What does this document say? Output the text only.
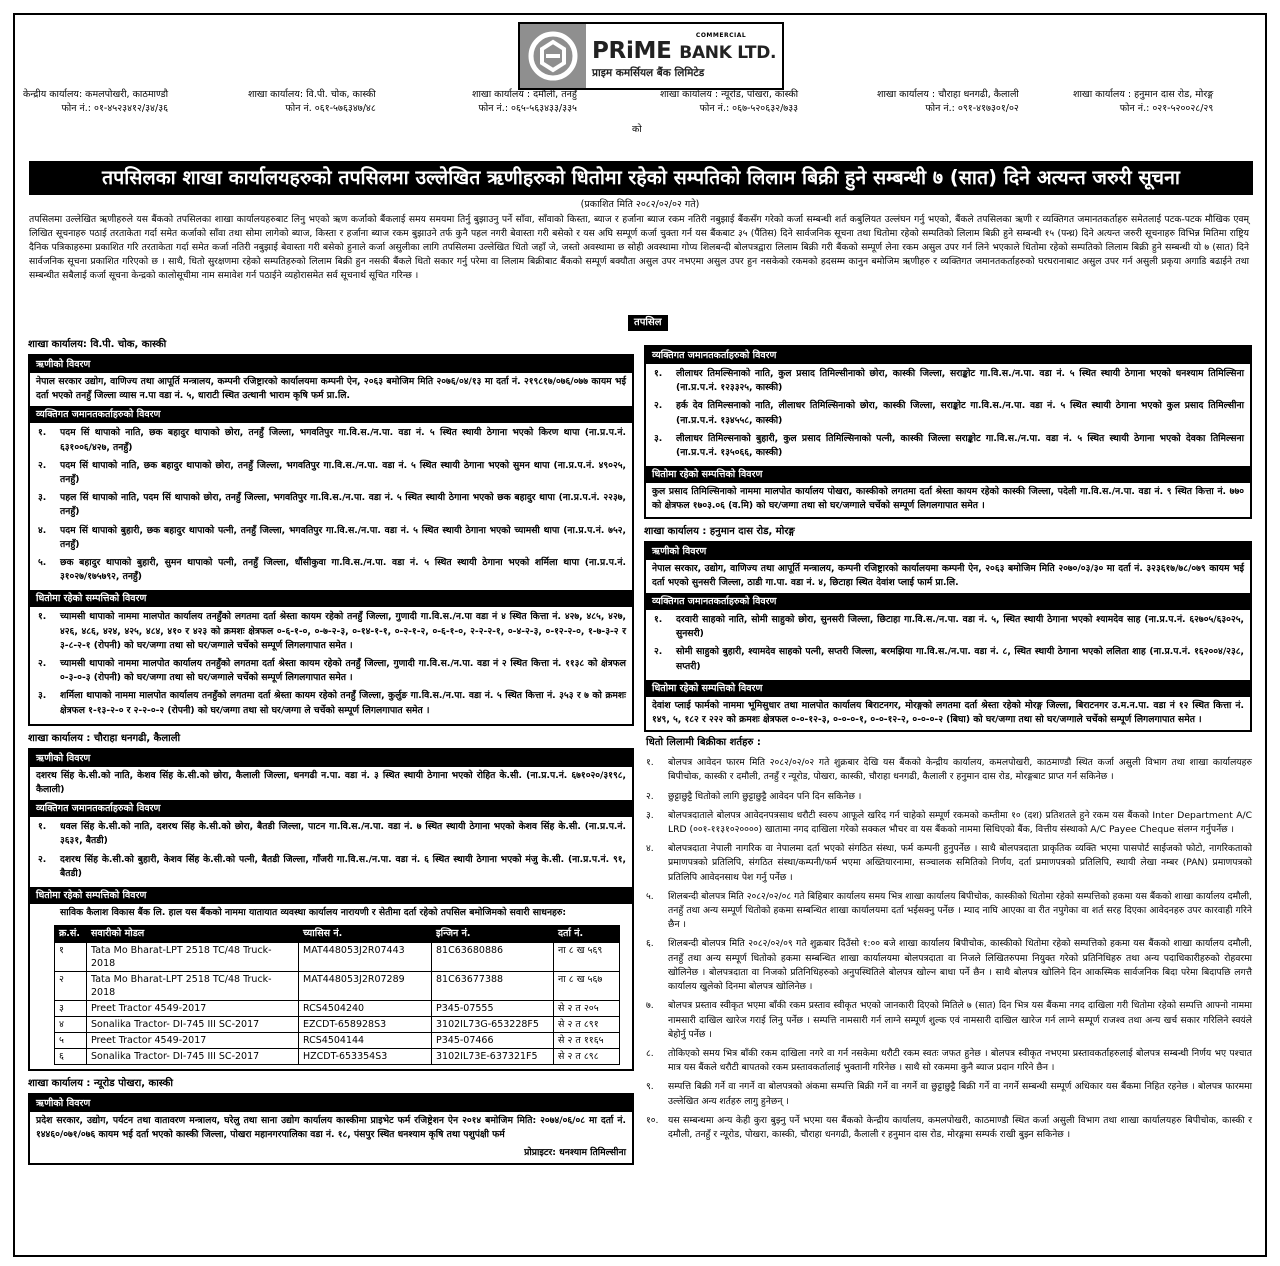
COMMERCIAL
PRiME BANK LTD.
प्राइम कमर्सियल बैंक लिमिटेड
केन्द्रीय कार्यालय: कमलपोखरी, काठमाण्डौ
फोन नं.: ०१-४५२३४१२/३४/३६
शाखा कार्यालय: वि.पी. चोक, कास्की
फोन नं. ०६१-५७६३४७/४८
शाखा कार्यालय : दमौली, तनहुँ
फोन नं.: ०६५-५६३४३३/३३५
शाखा कार्यालय : न्यूरोड, पोखरा, कास्की
फोन नं.: ०६७-५२०६३२/७३३
शाखा कार्यालय : चौराहा धनगढी, कैलाली
फोन नं.: ०९१-४१७३०१/०२
शाखा कार्यालय : हनुमान दास रोड, मोरङ्ग
फोन नं.: ०२१-५२००२८/२९
को
तपसिलका शाखा कार्यालयहरुको तपसिलमा उल्लेखित ऋणीहरुको धितोमा रहेको सम्पतिको लिलाम बिक्री हुने सम्बन्धी ७ (सात) दिने अत्यन्त जरुरी सूचना
(प्रकाशित मिति २०८२/०२/०२ गते)
तपसिलमा उल्लेखित ऋणीहरुले यस बैंकको तपसिलका शाखा कार्यालयहरुबाट लिनु भएको ऋण कर्जाको बैंकलाई समय समयमा तिर्नु बुझाउनु पर्ने साँवा, साँवाको किस्ता, ब्याज र हर्जाना ब्याज रकम नतिरी नबुझाई बैंकसँग गरेको कर्जा सम्बन्धी शर्त कबुलियत उल्लंघन गर्नु भएको, बैंकले तपसिलका ऋणी र व्यक्तिगत जमानतकर्ताहरु समेतलाई पटक-पटक मौखिक एवम् लिखित सूचनाहरु पठाई तरताकेता गर्दा समेत कर्जाको साँवा तथा सोमा लागेको ब्याज, किस्ता र हर्जाना ब्याज रकम बुझाउने तर्फ कुनै पहल नगरी बेवास्ता गरी बसेको र यस अघि सम्पूर्ण कर्जा चुक्ता गर्न यस बैंकबाट ३५ (पैंतिस) दिने सार्वजनिक सूचना तथा धितोमा रहेको सम्पतिको लिलाम बिक्री हुने सम्बन्धी १५ (पन्ध्र) दिने अत्यन्त जरुरी सूचनाहरु विभिन्न मितिमा राष्ट्रिय दैनिक पत्रिकाहरुमा प्रकाशित गरि तरताकेता गर्दा समेत कर्जा नतिरी नबुझाई बेवास्ता गरी बसेको हुनाले कर्जा असुलीका लागि तपसिलमा उल्लेखित धितो जहाँ जे, जस्तो अवस्थामा छ सोही अवस्थामा गोप्य शिलबन्दी बोलपत्रद्वारा लिलाम बिक्री गरी बैंकको सम्पूर्ण लेना रकम असुल उपर गर्न लिने भएकाले धितोमा रहेको सम्पतिको लिलाम बिक्री हुने सम्बन्धी यो ७ (सात) दिने सार्वजनिक सूचना प्रकाशित गरिएको छ । साथै, धितो सुरक्षणमा रहेको सम्पतिहरुको लिलाम बिक्री हुन नसकी बैंकले धितो सकार गर्नु परेमा वा लिलाम बिक्रीबाट बैंकको सम्पूर्ण बक्यौता असुल उपर नभएमा असुल उपर हुन नसकेको रकमको हदसम्म कानुन बमोजिम ऋणीहरु र व्यक्तिगत जमानतकर्ताहरुको घरघरानाबाट असुल उपर गर्न असुली प्रकृया अगाडि बढाईने तथा सम्बन्धीत सबैलाई कर्जा सूचना केन्द्रको कालोसूचीमा नाम समावेश गर्न पठाईने व्यहोरासमेत सर्व सूचनार्थ सूचित गरिन्छ ।
तपसिल
शाखा कार्यालय: वि.पी. चोक, कास्की
ऋणीको विवरण
नेपाल सरकार उद्योग, वाणिज्य तथा आपूर्ति मन्त्रालय, कम्पनी रजिष्ट्रारको कार्यालयमा कम्पनी ऐन, २०६३ बमोजिम मिति २०७६/०४/१३ मा दर्ता नं. २१९८१७/०७६/०७७ कायम भई दर्ता भएको तनहुँ जिल्ला व्यास न.पा वडा नं. ५, धाराटी स्थित उत्थानी भाराम कृषि फर्म प्रा.लि.
व्यक्तिगत जमानतकर्ताहरुको विवरण
१.	पदम सिं थापाको नाति, छक बहादुर थापाको छोरा, तनहुँ जिल्ला, भगवतिपुर गा.वि.स./न.पा. वडा नं. ५ स्थित स्थायी ठेगाना भएको किरण थापा (ना.प्र.प.नं. ६३१००६/४२७, तनहुँ)
२.	पदम सिं थापाको नाति, छक बहादुर थापाको छोरा, तनहुँ जिल्ला, भगवतिपुर गा.वि.स./न.पा. वडा नं. ५ स्थित स्थायी ठेगाना भएको सुमन थापा (ना.प्र.प.नं. ४९०२५, तनहुँ)
३.	पहल सिं थापाको नाति, पदम सिं थापाको छोरा, तनहुँ जिल्ला, भगवतिपुर गा.वि.स./न.पा. वडा नं. ५ स्थित स्थायी ठेगाना भएको छक बहादुर थापा (ना.प्र.प.नं. २२३७, तनहुँ)
४.	पदम सिं थापाको बुहारी, छक बहादुर थापाको पत्नी, तनहुँ जिल्ला, भगवतिपुर गा.वि.स./न.पा. वडा नं. ५ स्थित स्थायी ठेगाना भएको च्यामसी थापा (ना.प्र.प.नं. ७५२, तनहुँ)
५.	छक बहादुर थापाको बुहारी, सुमन थापाको पत्नी, तनहुँ जिल्ला, धौंसीकुवा गा.वि.स./न.पा. वडा नं. ५ स्थित स्थायी ठेगाना भएको शर्मिला थापा (ना.प्र.प.नं. ३१०२७/१७५७९२, तनहुँ)
धितोमा रहेको सम्पत्तिको विवरण
१.	च्यामसी थापाको नाममा मालपोत कार्यालय तनहुँको लगतमा दर्ता श्रेस्ता कायम रहेको तनहुँ जिल्ला, गुणादी गा.वि.स./न.पा वडा नं ४ स्थित कित्ता नं. ४२७, ४८५, ४२७, ४२६, ४८६, ४२४, ४२५, ४८४, ४१० र ४२३ को क्रमशः क्षेत्रफल ०-६-१-०, ०-७-२-३, ०-१४-१-१, ०-२-१-२, ०-६-१-०, २-२-२-१, ०-४-२-३, ०-१२-२-०, १-७-३-२ र ३-८-२-१ (रोपनी) को घर/जग्गा तथा सो घर/जग्गाले चर्चेको सम्पूर्ण लिगलगापात समेत ।
२.	च्यामसी थापाको नाममा मालपोत कार्यालय तनहुँको लगतमा दर्ता श्रेस्ता कायम रहेको तनहुँ जिल्ला, गुणादी गा.वि.स./न.पा. वडा नं २ स्थित कित्ता नं. ११३८ को क्षेत्रफल ०-३-०-३ (रोपनी) को घर/जग्गा तथा सो घर/जग्गाले चर्चेको सम्पूर्ण लिगलगापात समेत ।
३.	शर्मिला थापाको नाममा मालपोत कार्यालय तनहुँको लगतमा दर्ता श्रेस्ता कायम रहेको तनहुँ जिल्ला, कुर्लुङ गा.वि.स./न.पा. वडा नं. ५ स्थित कित्ता नं. ३५३ र ७ को क्रमशः क्षेत्रफल १-१३-२-० र २-२-०-२ (रोपनी) को घर/जग्गा तथा सो घर/जग्गा ले चर्चेको सम्पूर्ण लिगलगापात समेत ।
शाखा कार्यालय : चौराहा धनगढी, कैलाली
ऋणीको विवरण
दशरथ सिंह के.सी.को नाति, केशव सिंह के.सी.को छोरा, कैलाली जिल्ला, धनगढी न.पा. वडा नं. ३ स्थित स्थायी ठेगाना भएको रोहित के.सी. (ना.प्र.प.नं. ६७१०२०/३१९८, कैलाली)
व्यक्तिगत जमानतकर्ताहरुको विवरण
१.	धवल सिंह के.सी.को नाति, दशरथ सिंह के.सी.को छोरा, बैतडी जिल्ला, पाटन गा.वि.स./न.पा. वडा नं. ७ स्थित स्थायी ठेगाना भएको केशव सिंह के.सी. (ना.प्र.प.नं. ३६३१, बैतडी)
२.	दशरथ सिंह के.सी.को बुहारी, केशव सिंह के.सी.को पत्नी, बैतडी जिल्ला, गाँजरी गा.वि.स./न.पा. वडा नं. ६ स्थित स्थायी ठेगाना भएको मंजु के.सी. (ना.प्र.प.नं. ९१, बैतडी)
धितोमा रहेको सम्पत्तिको विवरण
साविक कैलाश विकास बैंक लि. हाल यस बैंकको नाममा यातायात व्यवस्था कार्यालय नारायणी र सेतीमा दर्ता रहेको तपसिल बमोजिमको सवारी साधनहरु:
क्र.सं.	सवारीको मोडल	च्यासिस नं.	इन्जिन नं.	दर्ता नं.
१	Tata Mo Bharat-LPT 2518 TC/48 Truck-2018	MAT448053J2R07443	81C63680886	ना ८ ख ५६९
२	Tata Mo Bharat-LPT 2518 TC/48 Truck-2018	MAT448053J2R07289	81C63677388	ना ८ ख ५६७
३	Preet Tractor 4549-2017	RCS4504240	P345-07555	से २ त २०५
४	Sonalika Tractor- DI-745 III SC-2017	EZCDT-658928S3	3102IL73G-653228F5	से २ त ८९१
५	Preet Tractor 4549-2017	RCS4504144	P345-07466	से २ त ११६५
६	Sonalika Tractor- DI-745 III SC-2017	HZCDT-653354S3	3102IL73E-637321F5	से २ त ८९८
शाखा कार्यालय : न्यूरोड पोखरा, कास्की
ऋणीको विवरण
प्रदेश सरकार, उद्योग, पर्यटन तथा वातावरण मन्त्रालय, घरेलु तथा साना उद्योग कार्यालय कास्कीमा प्राइभेट फर्म रजिष्ट्रेशन ऐन २०१४ बमोजिम मिति: २०७४/०६/०८ मा दर्ता नं. १४४६०/०७१/०७६ कायम भई दर्ता भएको कास्की जिल्ला, पोखरा महानगरपालिका वडा नं. १८, पंसपुर स्थित धनश्याम कृषि तथा पशुपंक्षी फर्म
प्रोप्राइटर: धनश्याम तिमिल्सीना
व्यक्तिगत जमानतकर्ताहरुको विवरण
१.	लीलाधर तिमल्सिनाको नाति, कुल प्रसाद तिमिल्सीनाको छोरा, कास्की जिल्ला, सराङ्कोट गा.वि.स./न.पा. वडा नं. ५ स्थित स्थायी ठेगाना भएको धनश्याम तिमिल्सिना (ना.प्र.प.नं. १२३३२५, कास्की)
२.	हर्क देव तिमिल्सनाको नाति, लीलाधर तिमिल्सिनाको छोरा, कास्की जिल्ला, सराङ्कोट गा.वि.स./न.पा. वडा नं. ५ स्थित स्थायी ठेगाना भएको कुल प्रसाद तिमिल्सीना (ना.प्र.प.नं. १३४५५८, कास्की)
३.	लीलाधर तिमिल्सनाको बुहारी, कुल प्रसाद तिमिल्सिनाको पत्नी, कास्की जिल्ला सराङ्कोट गा.वि.स./न.पा. वडा नं. ५ स्थित स्थायी ठेगाना भएको देवका तिमिल्सना (ना.प्र.प.नं. १३५०६६, कास्की)
धितोमा रहेको सम्पत्तिको विवरण
कुल प्रसाद तिमिल्सिनाको नाममा मालपोत कार्यालय पोखरा, कास्कीको लगतमा दर्ता श्रेस्ता कायम रहेको कास्की जिल्ला, पदेली गा.वि.स./न.पा. वडा नं. ९ स्थित कित्ता नं. ७७० को क्षेत्रफल १७०३.०६ (व.मि) को घर/जग्गा तथा सो घर/जग्गाले चर्चेको सम्पूर्ण लिगलगापात समेत ।
शाखा कार्यालय : हनुमान दास रोड, मोरङ्ग
ऋणीको विवरण
नेपाल सरकार, उद्योग, वाणिज्य तथा आपूर्ति मन्त्रालय, कम्पनी रजिष्ट्रारको कार्यालयमा कम्पनी ऐन, २०६३ बमोजिम मिति २०७०/०३/३० मा दर्ता नं. ३२३६१७/७८/०७९ कायम भई दर्ता भएको सुनसरी जिल्ला, ठाडी गा.पा. वडा नं. ४, छिटाहा स्थित देवांश प्लाई फार्म प्रा.लि.
व्यक्तिगत जमानतकर्ताहरुको विवरण
१.	दरवारी साहको नाति, सोमी साहुको छोरा, सुनसरी जिल्ला, छिटाहा गा.वि.स./न.पा. वडा नं. ५, स्थित स्थायी ठेगाना भएको श्यामदेव साह (ना.प्र.प.नं. ६२७०५/६३०२५, सुनसरी)
२.	सोमी साहुको बुहारी, श्यामदेव साहको पत्नी, सप्तरी जिल्ला, बरमझिया गा.वि.स./न.पा. वडा नं. ८, स्थित स्थायी ठेगाना भएको ललिता शाह (ना.प्र.प.नं. १६२००४/२३८, सप्तरी)
धितोमा रहेको सम्पत्तिको विवरण
देवांश प्लाई फार्मको नाममा भूमिसुधार तथा मालपोत कार्यालय बिराटनगर, मोरङ्गको लगतमा दर्ता श्रेस्ता रहेको मोरङ्ग जिल्ला, बिराटनगर उ.म.न.पा. वडा नं १२ स्थित कित्ता नं. १४९, ५, १८२ र २२२ को क्रमशः क्षेत्रफल ०-०-१२-३, ०-०-०-१, ०-०-१२-२, ०-०-०-२ (बिघा) को घर/जग्गा तथा सो घर/जग्गाले चर्चेको सम्पूर्ण लिगलगापात समेत ।
धितो लिलामी बिक्रीका शर्तहरु :
१.	बोलपत्र आवेदन फारम मिति २०८२/०२/०२ गते शुक्रबार देखि यस बैंकको केन्द्रीय कार्यालय, कमलपोखरी, काठमाण्डौ स्थित कर्जा असुली विभाग तथा शाखा कार्यालयहरु बिपीचोक, कास्की र दमौली, तनहुँ र न्यूरोड, पोखरा, कास्की, चौराहा धनगढी, कैलाली र हनुमान दास रोड, मोरङ्गबाट प्राप्त गर्न सकिनेछ ।
२.	छुट्टाछुट्टै धितोको लागि छुट्टाछुट्टै आवेदन पनि दिन सकिनेछ ।
३.	बोलपत्रदाताले बोलपत्र आवेदनपत्रसाथ धरौटी स्वरुप आफूले खरिद गर्न चाहेको सम्पूर्ण रकमको कम्तीमा १० (दश) प्रतिशतले हुने रकम यस बैंकको Inter Department A/C LRD (००१-११३१०२००००) खातामा नगद दाखिला गरेको सक्कल भौचर वा यस बैंकको नाममा सिधिएको बैंक, वित्तीय संस्थाको A/C Payee Cheque संलग्न गर्नुपर्नेछ ।
४.	बोलपत्रदाता नेपाली नागरिक वा नेपालमा दर्ता भएको संगठित संस्था, फर्म कम्पनी हुनुपर्नेछ । साथै बोलपत्रदाता प्राकृतिक व्यक्ति भएमा पासपोर्ट साईजको फोटो, नागरिकताको प्रमाणपत्रको प्रतिलिपि, संगठित संस्था/कम्पनी/फर्म भएमा अख्तियारनामा, सञ्चालक समितिको निर्णय, दर्ता प्रमाणपत्रको प्रतिलिपि, स्थायी लेखा नम्बर (PAN) प्रमाणपत्रको प्रतिलिपि आवेदनसाथ पेश गर्नु पर्नेछ ।
५.	शिलबन्दी बोलपत्र मिति २०८२/०२/०८ गते बिहिबार कार्यालय समय भित्र शाखा कार्यालय बिपीचोक, कास्कीको धितोमा रहेको सम्पत्तिको हकमा यस बैंकको शाखा कार्यालय दमौली, तनहुँ तथा अन्य सम्पूर्ण धितोको हकमा सम्बन्धित शाखा कार्यालयमा दर्ता भईसक्नु पर्नेछ । म्याद नाघि आएका वा रीत नपुगेका वा शर्त सरह दिएका आवेदनहरु उपर कारवाही गरिने छैन ।
६.	शिलबन्दी बोलपत्र मिति २०८२/०२/०९ गते शुक्रबार दिउँसो १:०० बजे शाखा कार्यालय बिपीचोक, कास्कीको धितोमा रहेको सम्पत्तिको हकमा यस बैंकको शाखा कार्यालय दमौली, तनहुँ तथा अन्य सम्पूर्ण धितोको हकमा सम्बन्धित शाखा कार्यालयमा बोलपत्रदाता वा निजले लिखितरुपमा नियुक्त गरेको प्रतिनिधिहरु तथा अन्य पदाधिकारीहरुको रोहवरमा खोलिनेछ । बोलपत्रदाता वा निजको प्रतिनिधिहरुको अनुपस्थितिले बोलपत्र खोल्न बाधा पर्ने छैन । साथै बोलपत्र खोलिने दिन आकस्मिक सार्वजनिक बिदा परेमा बिदापछि लगत्तै कार्यालय खुलेको दिनमा बोलपत्र खोलिनेछ ।
७.	बोलपत्र प्रस्ताव स्वीकृत भएमा बाँकी रकम प्रस्ताव स्वीकृत भएको जानकारी दिएको मितिले ७ (सात) दिन भित्र यस बैंकमा नगद दाखिला गरी धितोमा रहेको सम्पत्ति आफ्नो नाममा नामसारी दाखिल खारेज गराई लिनु पर्नेछ । सम्पत्ति नामसारी गर्न लाग्ने सम्पूर्ण शुल्क एवं नामसारी दाखिल खारेज गर्न लाग्ने सम्पूर्ण राजश्व तथा अन्य खर्च सकार गरिलिने स्वयंले बेहोर्नु पर्नेछ ।
८.	तोकिएको समय भित्र बाँकी रकम दाखिला नगरे वा गर्न नसकेमा धरौटी रकम स्वतः जफत हुनेछ । बोलपत्र स्वीकृत नभएमा प्रस्तावकर्ताहरुलाई बोलपत्र सम्बन्धी निर्णय भए पश्चात मात्र यस बैंकले धरौटी बापतको रकम प्रस्तावकर्तालाई भुक्तानी गरिनेछ । साथै सो रकममा कुनै ब्याज प्रदान गरिने छैन ।
९.	सम्पत्ति बिक्री गर्ने वा नगर्ने वा बोलपत्रको अंकमा सम्पत्ति बिक्री गर्ने वा नगर्ने वा छुट्टाछुट्टै बिक्री गर्ने वा नगर्ने सम्बन्धी सम्पूर्ण अधिकार यस बैंकमा निहित रहनेछ । बोलपत्र फारममा उल्लेखित अन्य शर्तहरु लागु हुनेछन् ।
१०.	यस सम्बन्धमा अन्य केही कुरा बुझ्नु पर्ने भएमा यस बैंकको केन्द्रीय कार्यालय, कमलपोखरी, काठमाण्डौ स्थित कर्जा असुली विभाग तथा शाखा कार्यालयहरु बिपीचोक, कास्की र दमौली, तनहुँ र न्यूरोड, पोखरा, कास्की, चौराहा धनगढी, कैलाली र हनुमान दास रोड, मोरङ्गमा सम्पर्क राखी बुझ्न सकिनेछ ।
